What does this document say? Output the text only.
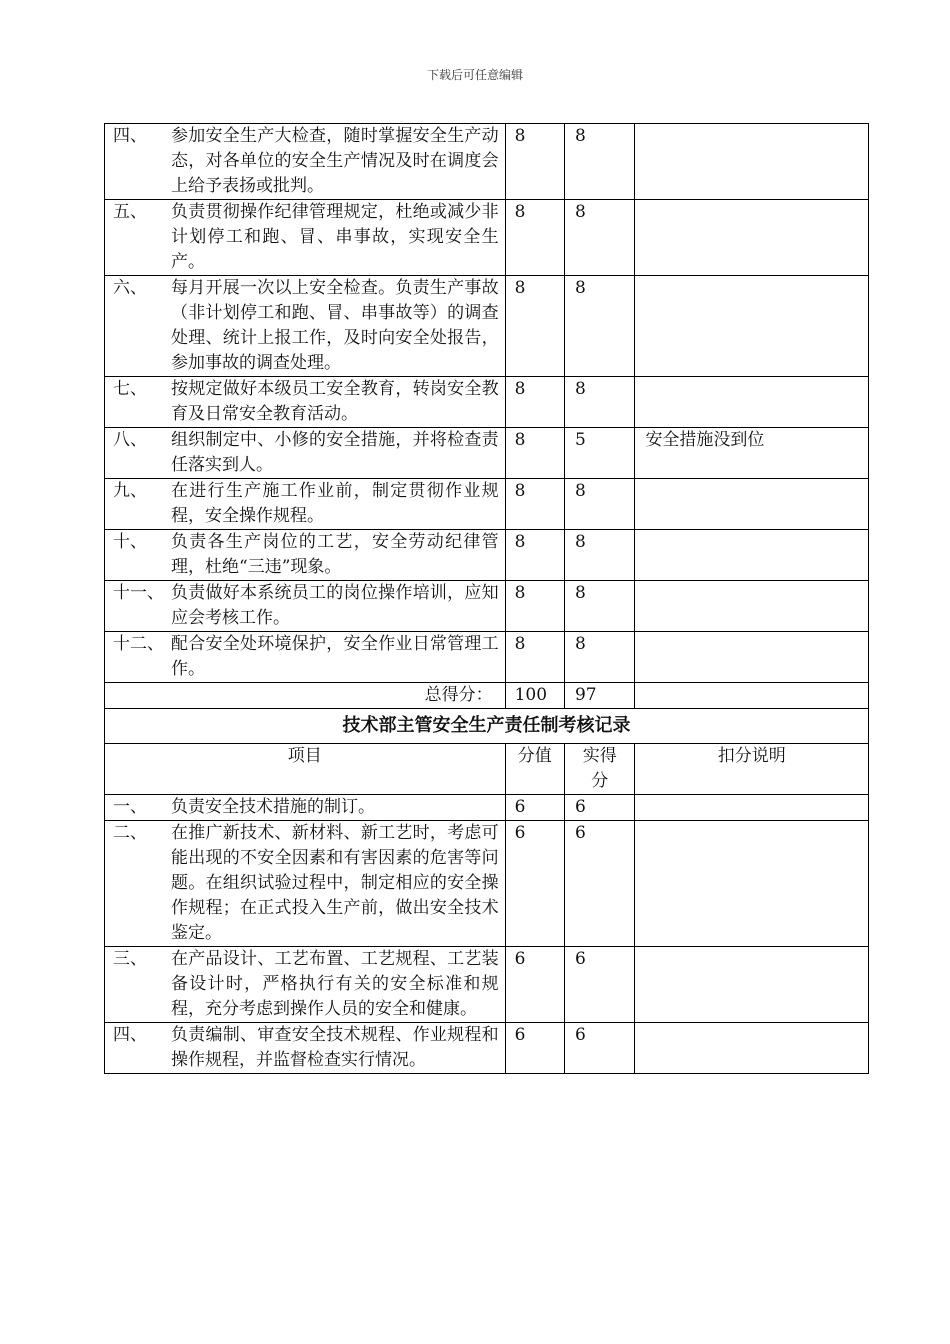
下载后可任意编辑
四、 参加安全生产大检查，随时掌握安全生产动态，对各单位的安全生产情况及时在调度会上给予表扬或批判。	8	8	

五、 负责贯彻操作纪律管理规定，杜绝或减少非计划停工和跑、冒、串事故，实现安全生产。	8	8	

六、 每月开展一次以上安全检查。负责生产事故（非计划停工和跑、冒、串事故等）的调查处理、统计上报工作，及时向安全处报告，参加事故的调查处理。	8	8	

七、 按规定做好本级员工安全教育，转岗安全教育及日常安全教育活动。	8	8	

八、 组织制定中、小修的安全措施，并将检查责任落实到人。	8	5	安全措施没到位

九、 在进行生产施工作业前，制定贯彻作业规程，安全操作规程。	8	8	

十、 负责各生产岗位的工艺，安全劳动纪律管理，杜绝“三违”现象。	8	8	

十一、 负责做好本系统员工的岗位操作培训，应知应会考核工作。	8	8	

十二、 配合安全处环境保护，安全作业日常管理工作。	8	8	
总得分：	100	97	
技术部主管安全生产责任制考核记录			
项目	分值	实得分	扣分说明

一、 负责安全技术措施的制订。	6	6	

二、 在推广新技术、新材料、新工艺时，考虑可能出现的不安全因素和有害因素的危害等问题。在组织试验过程中，制定相应的安全操作规程；在正式投入生产前，做出安全技术鉴定。	6	6	

三、 在产品设计、工艺布置、工艺规程、工艺装备设计时，严格执行有关的安全标准和规程，充分考虑到操作人员的安全和健康。	6	6	

四、 负责编制、审查安全技术规程、作业规程和操作规程，并监督检查实行情况。	6	6	
